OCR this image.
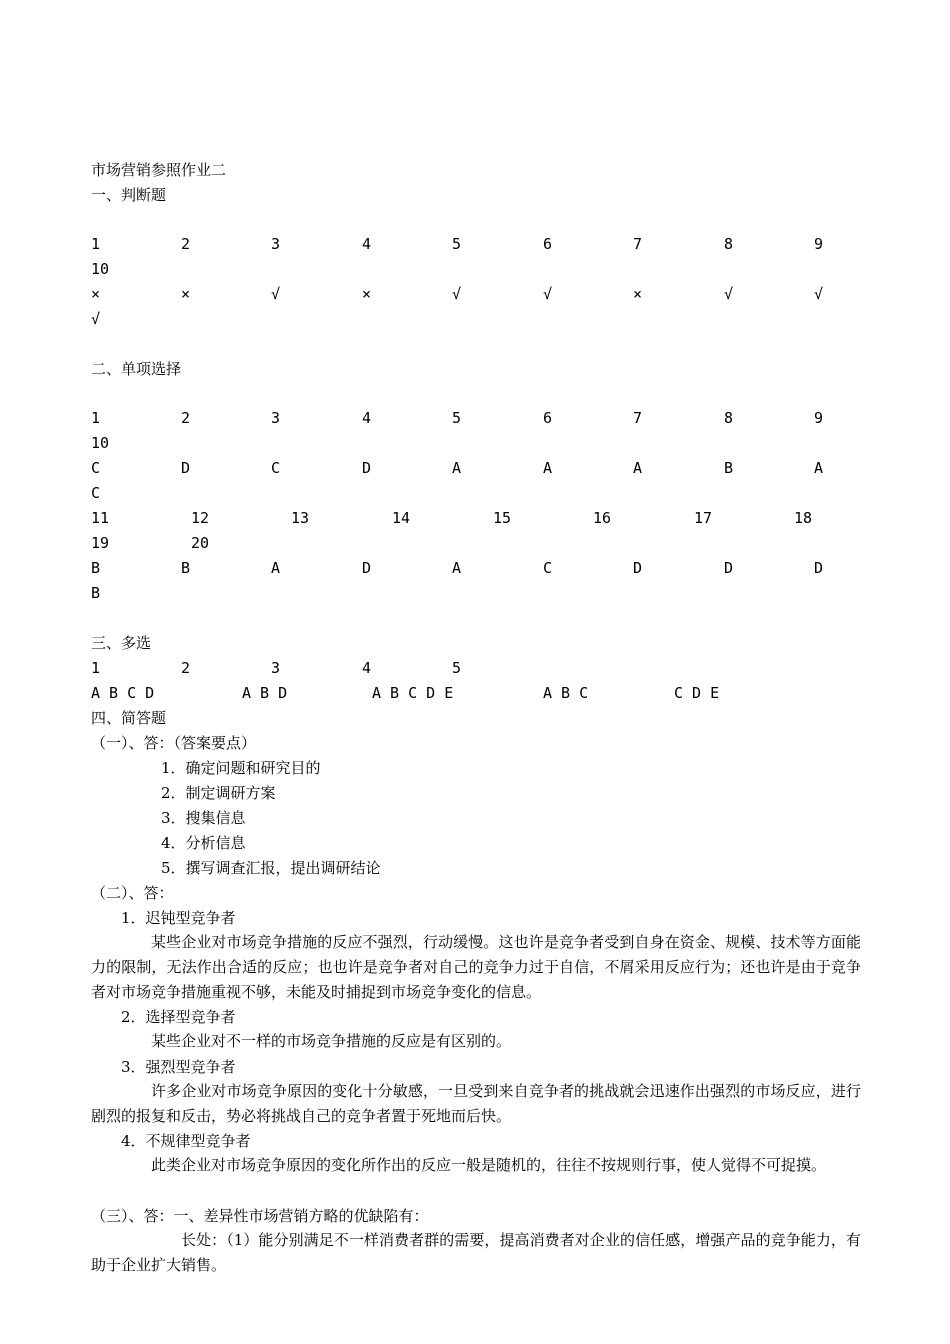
市场营销参照作业二
一、判断题
1	2	3	4	5	6	7	8	9
10
×	×	√	×	√	√	×	√	√
√
二、单项选择
1	2	3	4	5	6	7	8	9
10
C	D	C	D	A	A	A	B	A
C
11	12	13	14	15	16	17	18
19	20
B	B	A	D	A	C	D	D	D
B
三、多选
1	2	3	4	5
A B C D	A B D	A B C D E	A B C	C D E
四、简答题
（一）、答：（答案要点）
1．确定问题和研究目的
2．制定调研方案
3．搜集信息
4．分析信息
5．撰写调查汇报，提出调研结论
（二）、答：
1．迟钝型竞争者
某些企业对市场竞争措施的反应不强烈，行动缓慢。这也许是竞争者受到自身在资金、规模、技术等方面能力的限制，无法作出合适的反应；也也许是竞争者对自己的竞争力过于自信，不屑采用反应行为；还也许是由于竞争者对市场竞争措施重视不够，未能及时捕捉到市场竞争变化的信息。
2．选择型竞争者
某些企业对不一样的市场竞争措施的反应是有区别的。
3．强烈型竞争者
许多企业对市场竞争原因的变化十分敏感，一旦受到来自竞争者的挑战就会迅速作出强烈的市场反应，进行剧烈的报复和反击，势必将挑战自己的竞争者置于死地而后快。
4．不规律型竞争者
此类企业对市场竞争原因的变化所作出的反应一般是随机的，往往不按规则行事，使人觉得不可捉摸。
（三）、答：一、差异性市场营销方略的优缺陷有：
长处：（1）能分别满足不一样消费者群的需要，提高消费者对企业的信任感，增强产品的竞争能力，有助于企业扩大销售。
